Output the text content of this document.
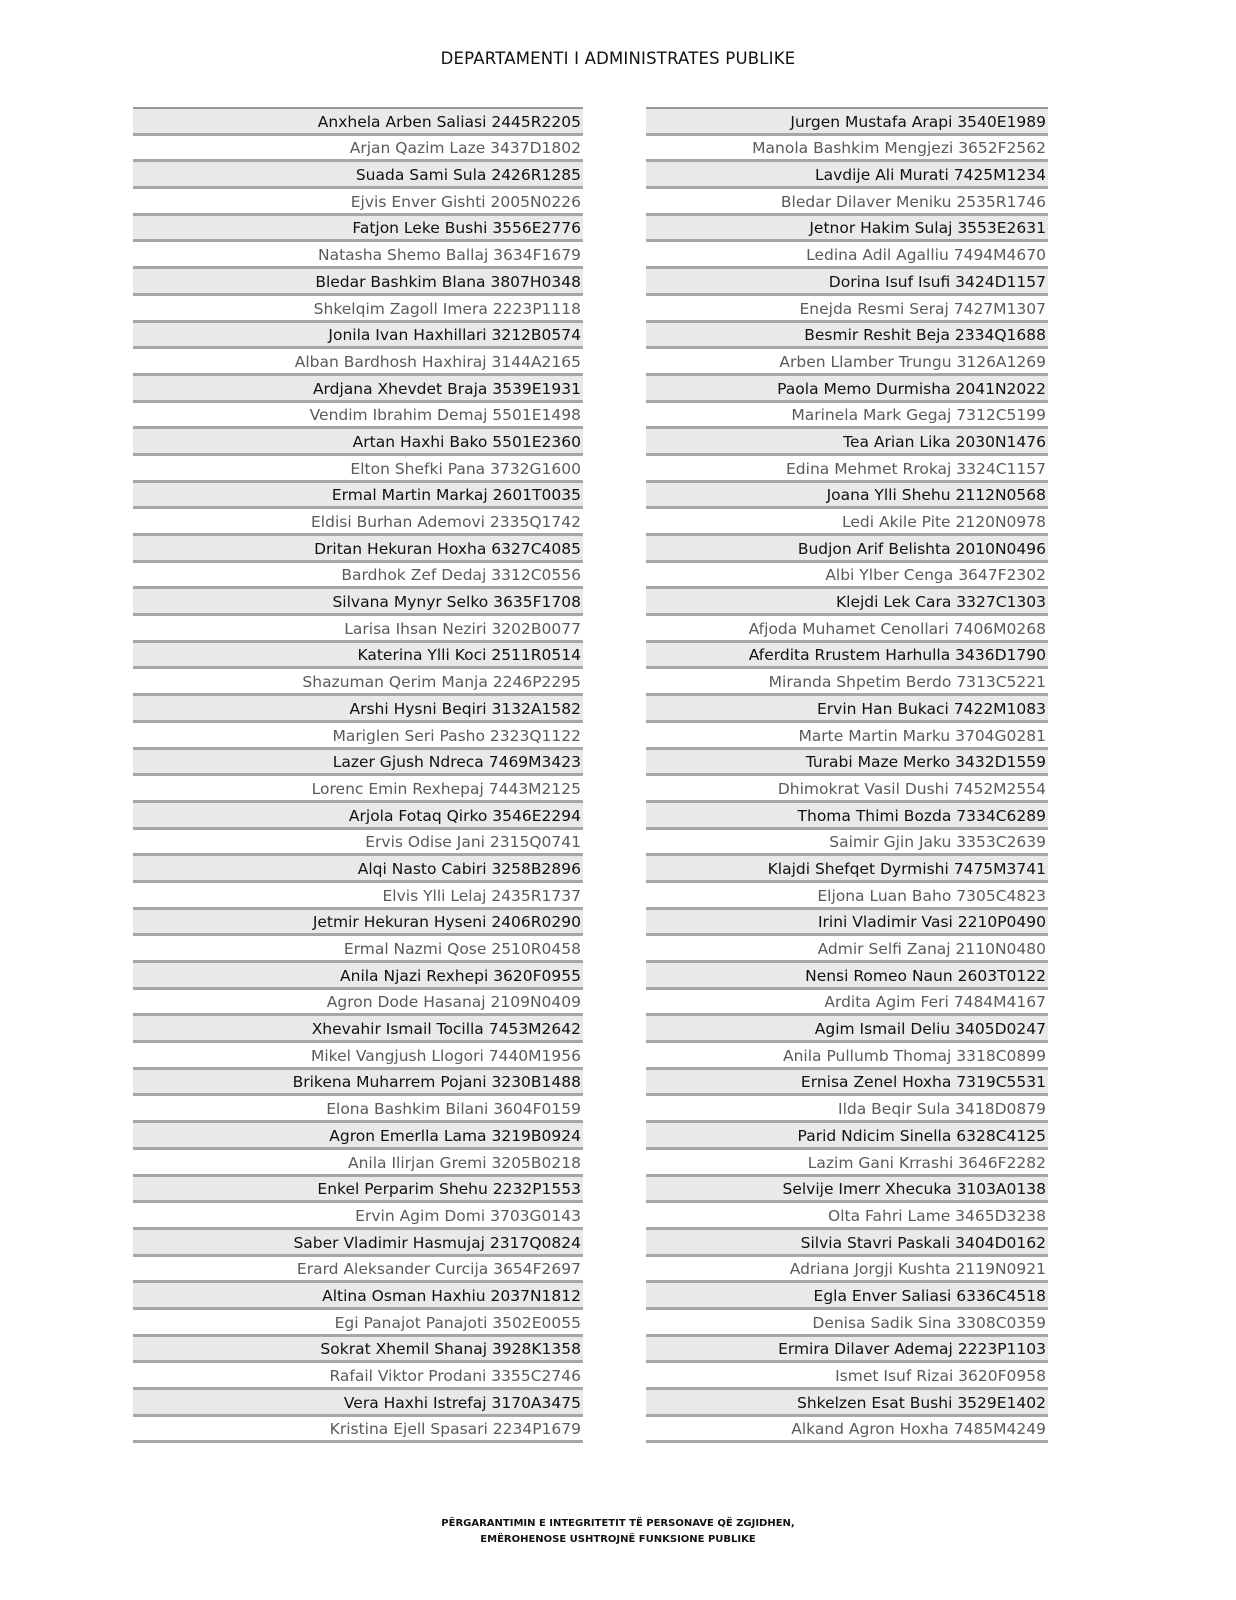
DEPARTAMENTI I ADMINISTRATES PUBLIKE
Anxhela Arben Saliasi 2445R2205
Arjan Qazim Laze 3437D1802
Suada Sami Sula 2426R1285
Ejvis Enver Gishti 2005N0226
Fatjon Leke Bushi 3556E2776
Natasha Shemo Ballaj 3634F1679
Bledar Bashkim Blana 3807H0348
Shkelqim Zagoll Imera 2223P1118
Jonila Ivan Haxhillari 3212B0574
Alban Bardhosh Haxhiraj 3144A2165
Ardjana Xhevdet Braja 3539E1931
Vendim Ibrahim Demaj 5501E1498
Artan Haxhi Bako 5501E2360
Elton Shefki Pana 3732G1600
Ermal Martin Markaj 2601T0035
Eldisi Burhan Ademovi 2335Q1742
Dritan Hekuran Hoxha 6327C4085
Bardhok Zef Dedaj 3312C0556
Silvana Mynyr Selko 3635F1708
Larisa Ihsan Neziri 3202B0077
Katerina Ylli Koci 2511R0514
Shazuman Qerim Manja 2246P2295
Arshi Hysni Beqiri 3132A1582
Mariglen Seri Pasho 2323Q1122
Lazer Gjush Ndreca 7469M3423
Lorenc Emin Rexhepaj 7443M2125
Arjola Fotaq Qirko 3546E2294
Ervis Odise Jani 2315Q0741
Alqi Nasto Cabiri 3258B2896
Elvis Ylli Lelaj 2435R1737
Jetmir Hekuran Hyseni 2406R0290
Ermal Nazmi Qose 2510R0458
Anila Njazi Rexhepi 3620F0955
Agron Dode Hasanaj 2109N0409
Xhevahir Ismail Tocilla 7453M2642
Mikel Vangjush Llogori 7440M1956
Brikena Muharrem Pojani 3230B1488
Elona Bashkim Bilani 3604F0159
Agron Emerlla Lama 3219B0924
Anila Ilirjan Gremi 3205B0218
Enkel Perparim Shehu 2232P1553
Ervin Agim Domi 3703G0143
Saber Vladimir Hasmujaj 2317Q0824
Erard Aleksander Curcija 3654F2697
Altina Osman Haxhiu 2037N1812
Egi Panajot Panajoti 3502E0055
Sokrat Xhemil Shanaj 3928K1358
Rafail Viktor Prodani 3355C2746
Vera Haxhi Istrefaj 3170A3475
Kristina Ejell Spasari 2234P1679
Jurgen Mustafa Arapi 3540E1989
Manola Bashkim Mengjezi 3652F2562
Lavdije Ali Murati 7425M1234
Bledar Dilaver Meniku 2535R1746
Jetnor Hakim Sulaj 3553E2631
Ledina Adil Agalliu 7494M4670
Dorina Isuf Isufi 3424D1157
Enejda Resmi Seraj 7427M1307
Besmir Reshit Beja 2334Q1688
Arben Llamber Trungu 3126A1269
Paola Memo Durmisha 2041N2022
Marinela Mark Gegaj 7312C5199
Tea Arian Lika 2030N1476
Edina Mehmet Rrokaj 3324C1157
Joana Ylli Shehu 2112N0568
Ledi Akile Pite 2120N0978
Budjon Arif Belishta 2010N0496
Albi Ylber Cenga 3647F2302
Klejdi Lek Cara 3327C1303
Afjoda Muhamet Cenollari 7406M0268
Aferdita Rrustem Harhulla 3436D1790
Miranda Shpetim Berdo 7313C5221
Ervin Han Bukaci 7422M1083
Marte Martin Marku 3704G0281
Turabi Maze Merko 3432D1559
Dhimokrat Vasil Dushi 7452M2554
Thoma Thimi Bozda 7334C6289
Saimir Gjin Jaku 3353C2639
Klajdi Shefqet Dyrmishi 7475M3741
Eljona Luan Baho 7305C4823
Irini Vladimir Vasi 2210P0490
Admir Selfi Zanaj 2110N0480
Nensi Romeo Naun 2603T0122
Ardita Agim Feri 7484M4167
Agim Ismail Deliu 3405D0247
Anila Pullumb Thomaj 3318C0899
Ernisa Zenel Hoxha 7319C5531
Ilda Beqir Sula 3418D0879
Parid Ndicim Sinella 6328C4125
Lazim Gani Krrashi 3646F2282
Selvije Imerr Xhecuka 3103A0138
Olta Fahri Lame 3465D3238
Silvia Stavri Paskali 3404D0162
Adriana Jorgji Kushta 2119N0921
Egla Enver Saliasi 6336C4518
Denisa Sadik Sina 3308C0359
Ermira Dilaver Ademaj 2223P1103
Ismet Isuf Rizai 3620F0958
Shkelzen Esat Bushi 3529E1402
Alkand Agron Hoxha 7485M4249
PËRGARANTIMIN E INTEGRITETIT TË PERSONAVE QË ZGJIDHEN,
EMËROHENOSE USHTROJNË FUNKSIONE PUBLIKE
